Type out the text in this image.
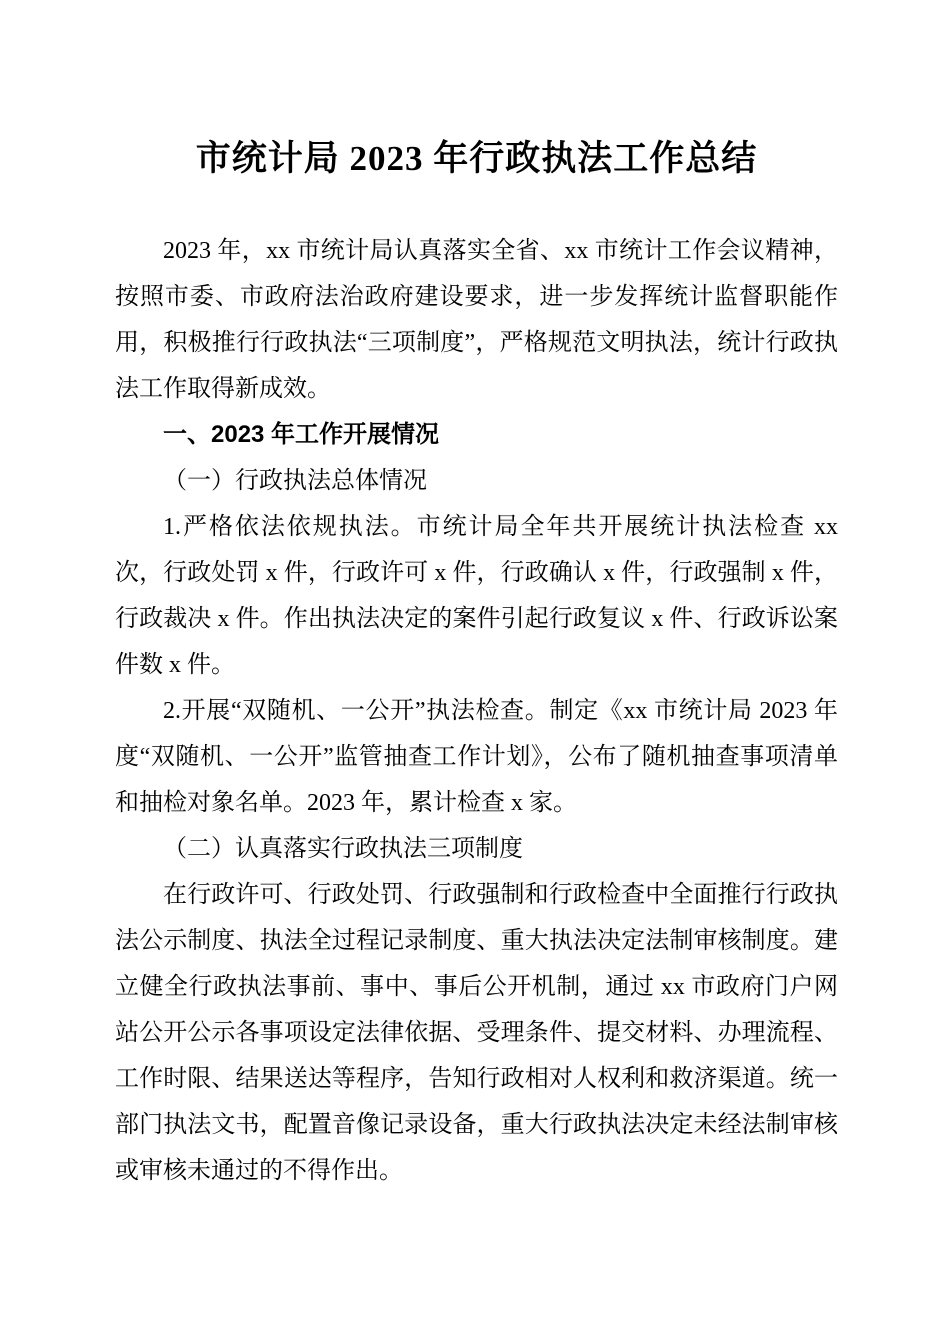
市统计局 2023 年行政执法工作总结

2023 年，xx 市统计局认真落实全省、xx 市统计工作会议精神，按照市委、市政府法治政府建设要求，进一步发挥统计监督职能作用，积极推行行政执法“三项制度”，严格规范文明执法，统计行政执法工作取得新成效。

一、2023 年工作开展情况
（一）行政执法总体情况

1.严格依法依规执法。市统计局全年共开展统计执法检查 xx 次，行政处罚 x 件，行政许可 x 件，行政确认 x 件，行政强制 x 件，行政裁决 x 件。作出执法决定的案件引起行政复议 x 件、行政诉讼案件数 x 件。

2.开展“双随机、一公开”执法检查。制定《xx 市统计局 2023 年度“双随机、一公开”监管抽查工作计划》，公布了随机抽查事项清单和抽检对象名单。2023 年，累计检查 x 家。

（二）认真落实行政执法三项制度

在行政许可、行政处罚、行政强制和行政检查中全面推行行政执法公示制度、执法全过程记录制度、重大执法决定法制审核制度。建立健全行政执法事前、事中、事后公开机制，通过 xx 市政府门户网站公开公示各事项设定法律依据、受理条件、提交材料、办理流程、工作时限、结果送达等程序，告知行政相对人权利和救济渠道。统一部门执法文书，配置音像记录设备，重大行政执法决定未经法制审核或审核未通过的不得作出。
